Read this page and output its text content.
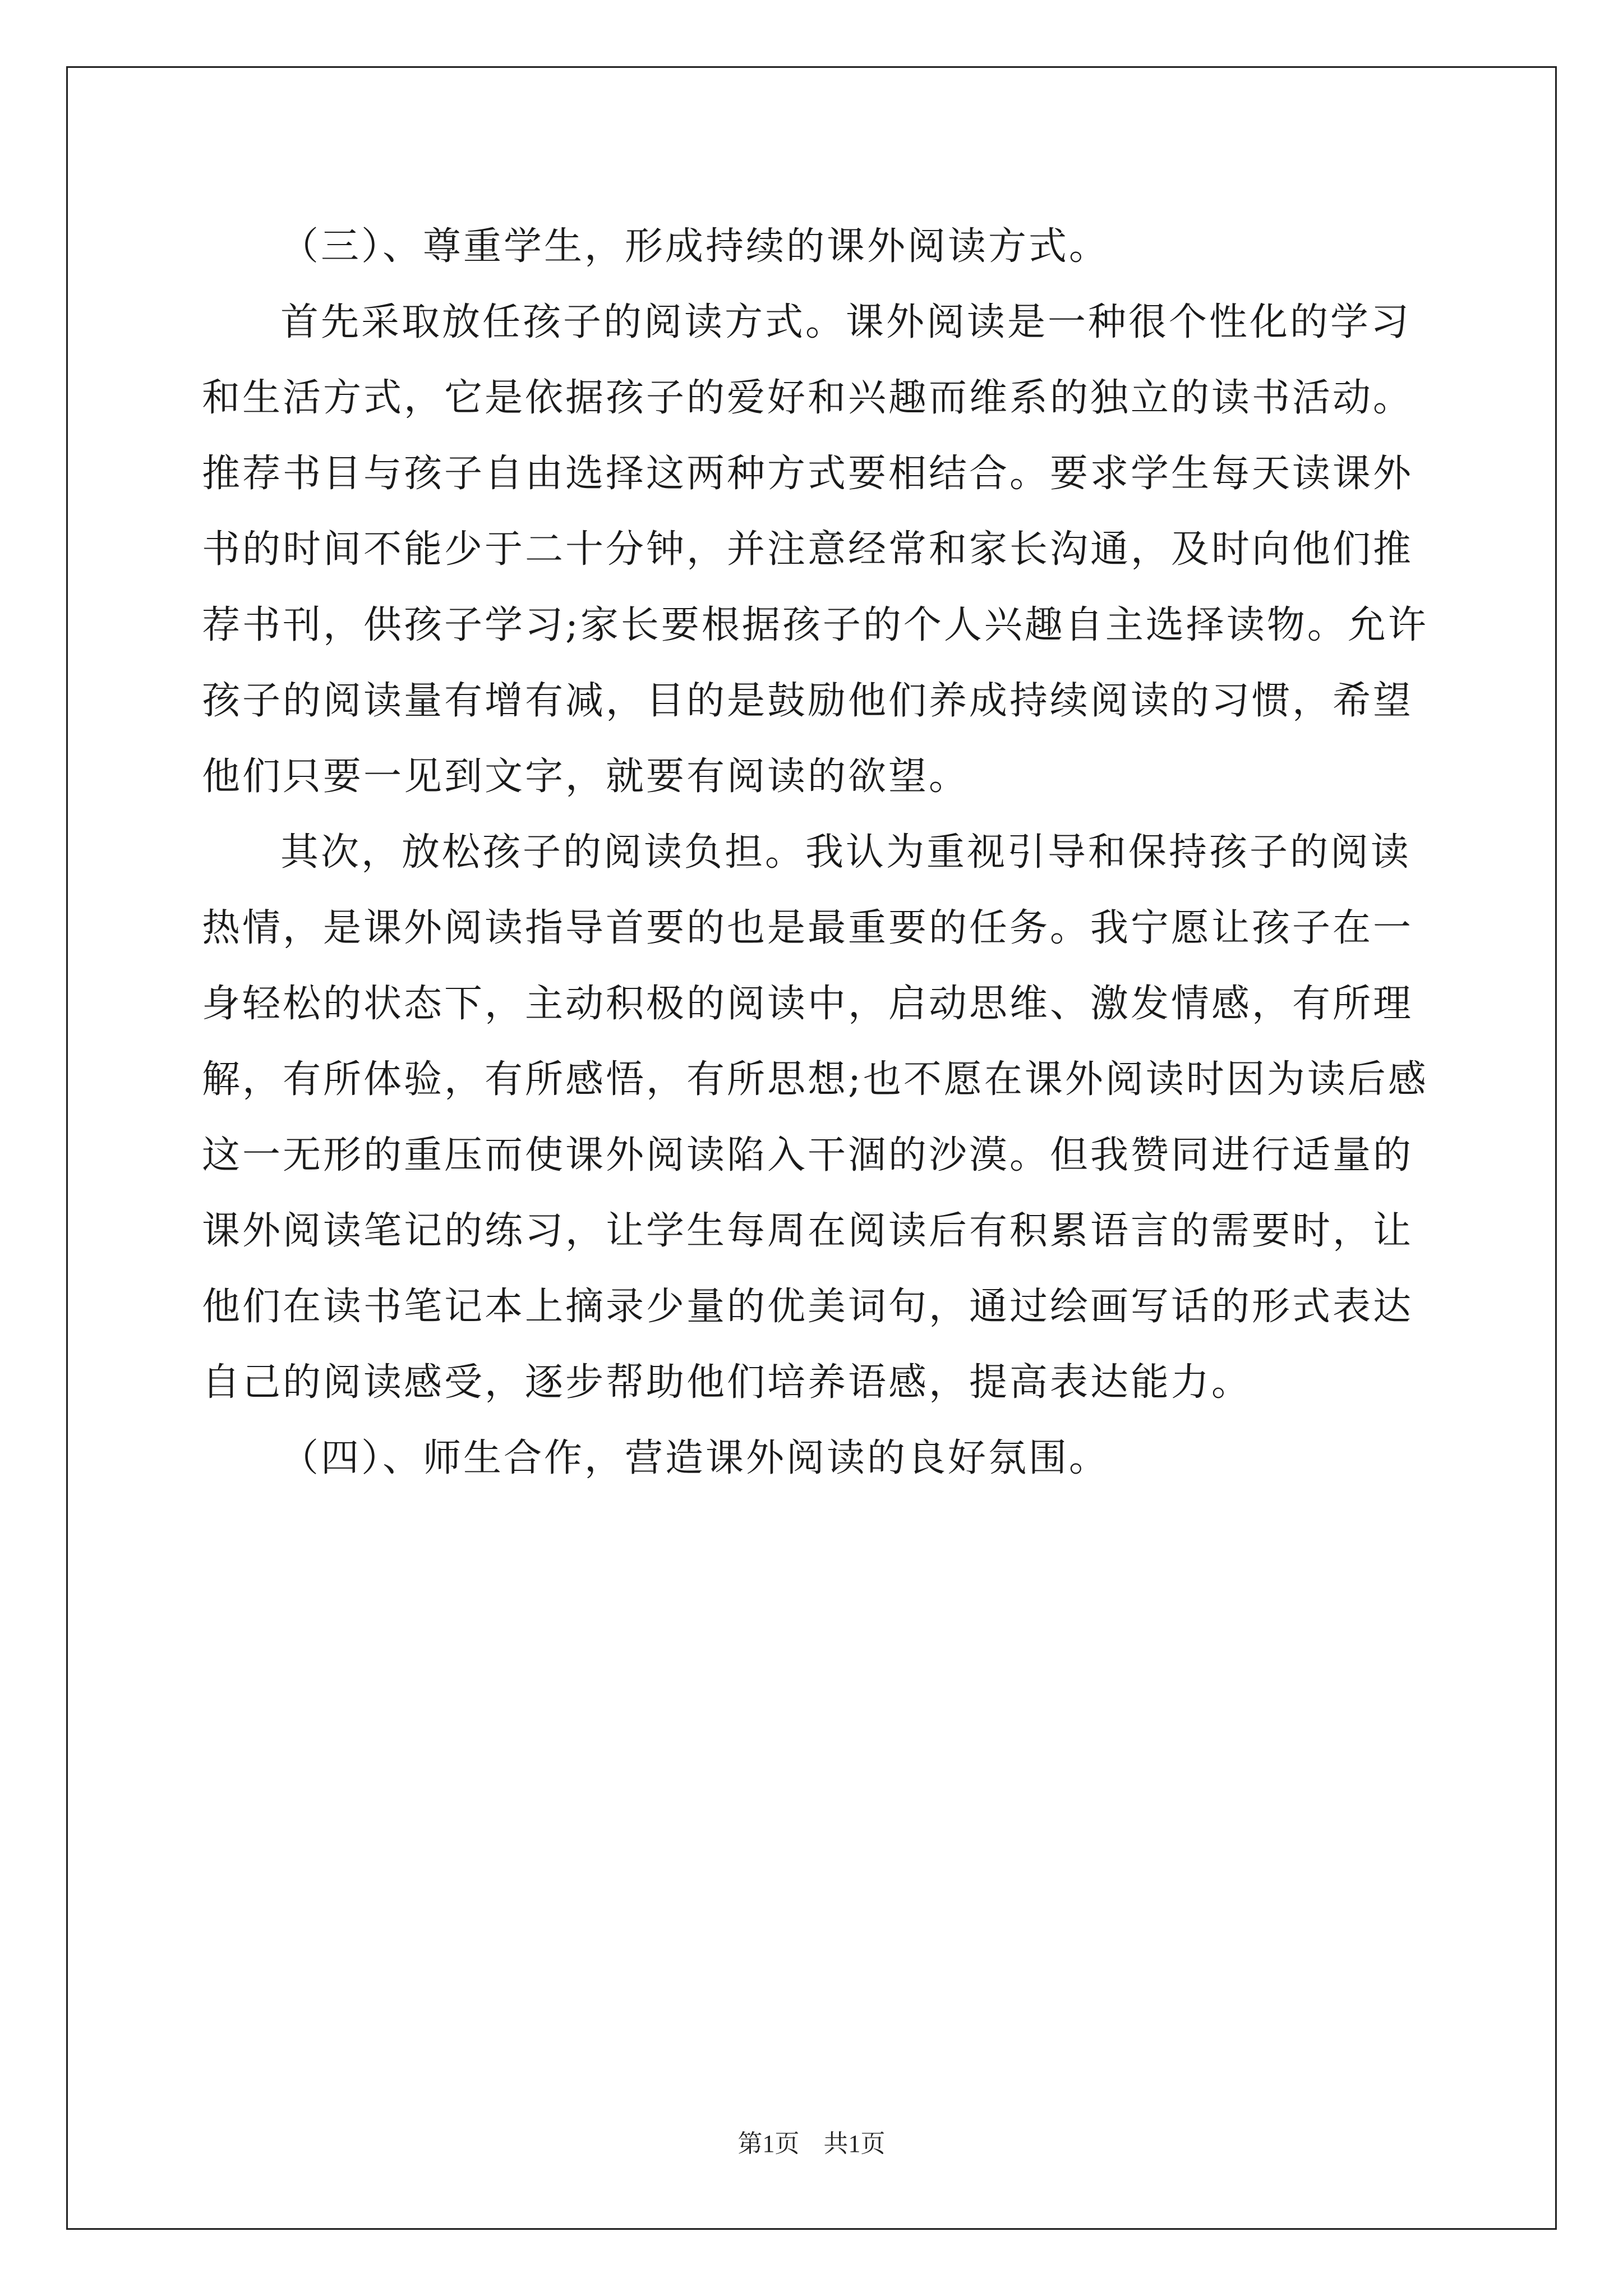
（三）、尊重学生，形成持续的课外阅读方式。
首先采取放任孩子的阅读方式。课外阅读是一种很个性化的学习
和生活方式，它是依据孩子的爱好和兴趣而维系的独立的读书活动。
推荐书目与孩子自由选择这两种方式要相结合。要求学生每天读课外
书的时间不能少于二十分钟，并注意经常和家长沟通，及时向他们推
荐书刊，供孩子学习;家长要根据孩子的个人兴趣自主选择读物。允许
孩子的阅读量有增有减，目的是鼓励他们养成持续阅读的习惯，希望
他们只要一见到文字，就要有阅读的欲望。
其次，放松孩子的阅读负担。我认为重视引导和保持孩子的阅读
热情，是课外阅读指导首要的也是最重要的任务。我宁愿让孩子在一
身轻松的状态下，主动积极的阅读中，启动思维、激发情感，有所理
解，有所体验，有所感悟，有所思想;也不愿在课外阅读时因为读后感
这一无形的重压而使课外阅读陷入干涸的沙漠。但我赞同进行适量的
课外阅读笔记的练习，让学生每周在阅读后有积累语言的需要时，让
他们在读书笔记本上摘录少量的优美词句，通过绘画写话的形式表达
自己的阅读感受，逐步帮助他们培养语感，提高表达能力。
（四）、师生合作，营造课外阅读的良好氛围。
第1页 共1页
